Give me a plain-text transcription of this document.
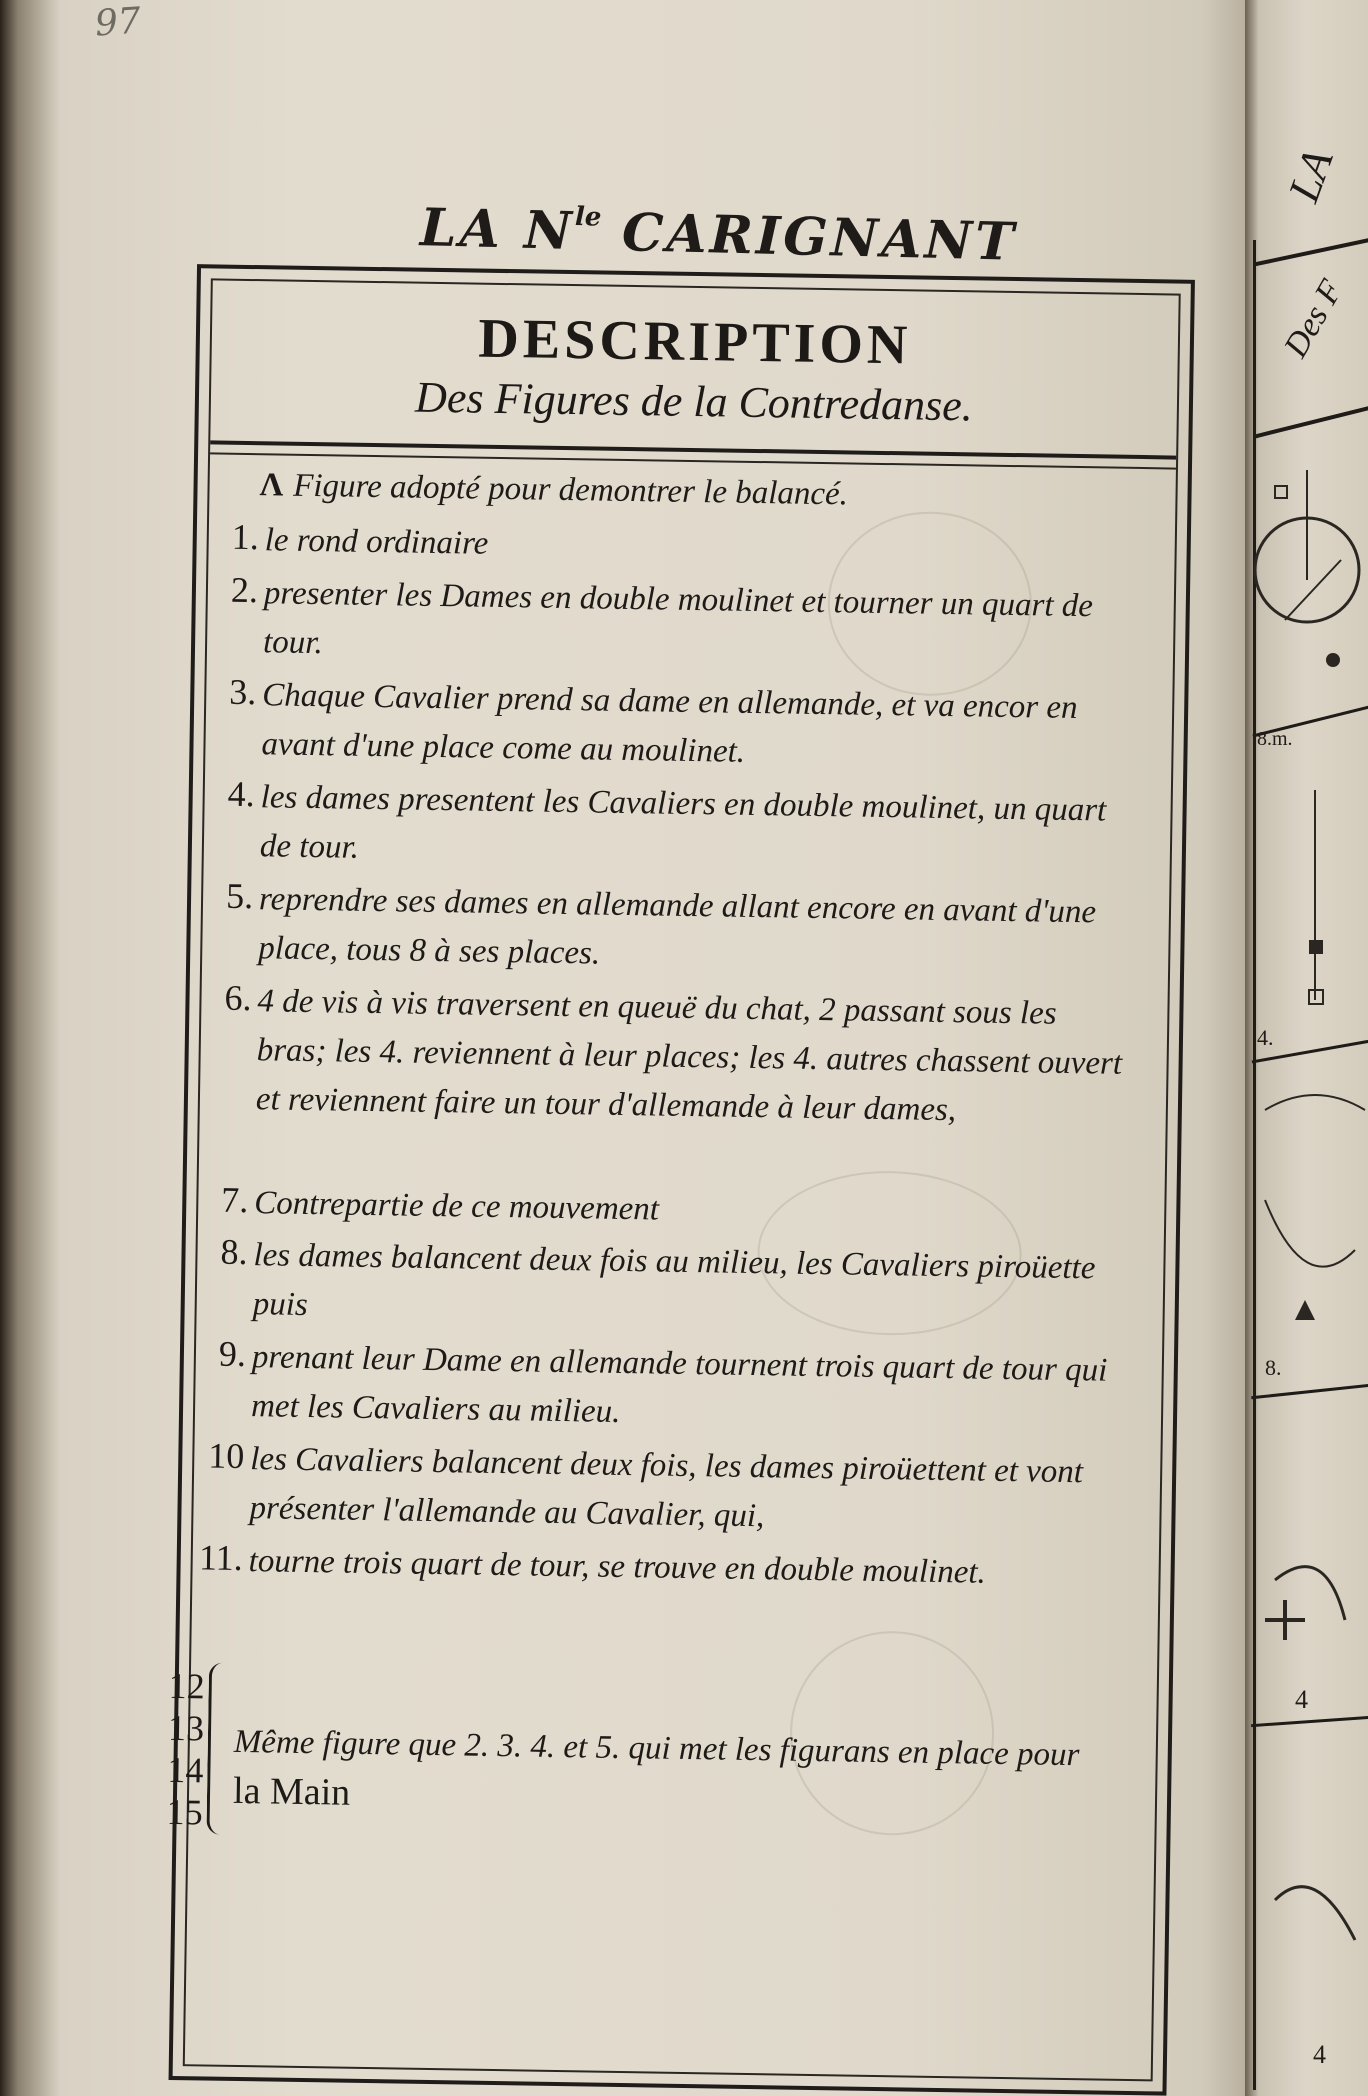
97
LA $N^{le}$ CARIGNANT
DESCRIPTION
Des Figures de la Contredanse.
Λ Figure adopté pour demontrer le balancé.
1. le rond ordinaire
2. presenter les Dames en double moulinet et tourner un quart de tour.
3. Chaque Cavalier prend sa dame en allemande, et va encor en avant d'une place come au moulinet.
4. les dames presentent les Cavaliers en double moulinet, un quart de tour.
5. reprendre ses dames en allemande allant encore en avant d'une place, tous 8 à ses places.
6. 4 de vis à vis traversent en queuë du chat, 2 passant sous les bras; les 4. reviennent à leur places; les 4. autres chassent ouvert et reviennent faire un tour d'allemande à leur dames,
7. Contrepartie de ce mouvement
8. les dames balancent deux fois au milieu, les Cavaliers piroüette puis
9. prenant leur Dame en allemande tournent trois quart de tour qui met les Cavaliers au milieu.
10 les Cavaliers balancent deux fois, les dames piroüettent et vont présenter l'allemande au Cavalier, qui,
11. tourne trois quart de tour, se trouve en double moulinet.
12
13
14
15
Même figure que 2. 3. 4. et 5. qui met les figurans en place pour la Main
LA
Des F
8.m.
4.
8.
4
4
